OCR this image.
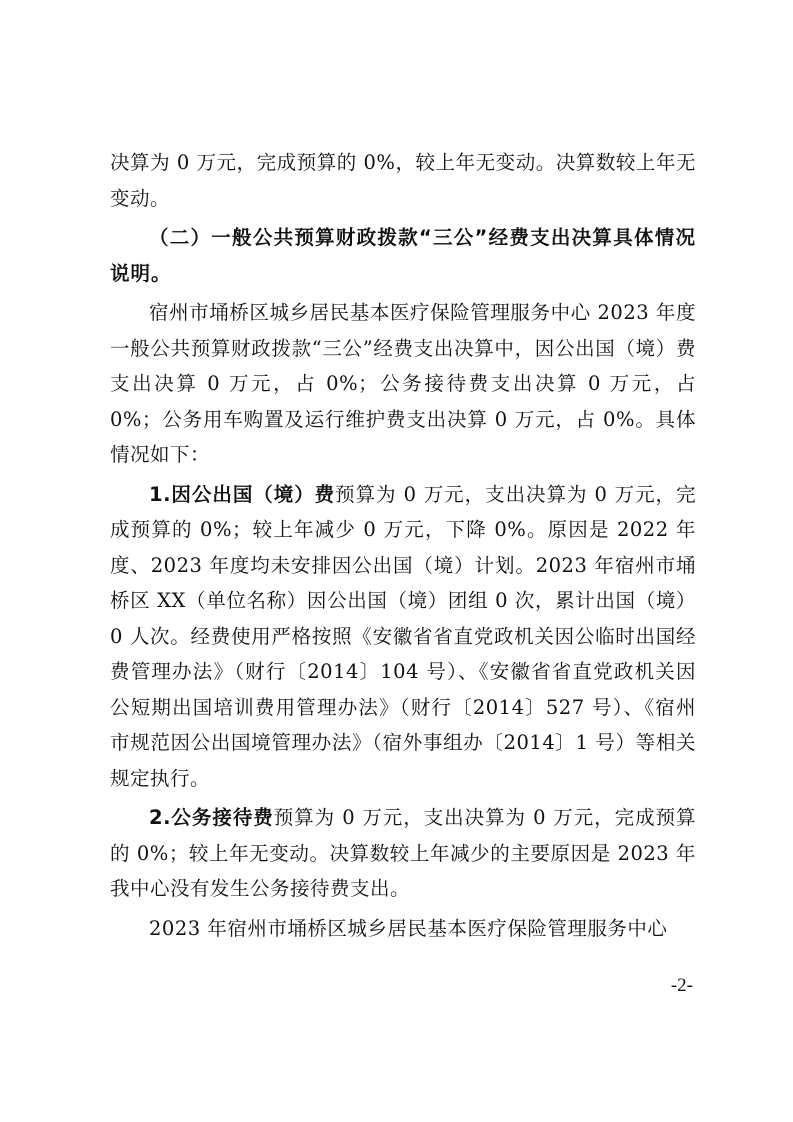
决算为 0 万元，完成预算的 0%，较上年无变动。决算数较上年无变动。

（二）一般公共预算财政拨款“三公”经费支出决算具体情况说明。

宿州市埇桥区城乡居民基本医疗保险管理服务中心 2023 年度一般公共预算财政拨款“三公”经费支出决算中，因公出国（境）费支出决算 0 万元，占 0%；公务接待费支出决算 0 万元，占 0%；公务用车购置及运行维护费支出决算 0 万元，占 0%。具体情况如下：

1.因公出国（境）费预算为 0 万元，支出决算为 0 万元，完成预算的 0%；较上年减少 0 万元，下降 0%。原因是 2022 年度、2023 年度均未安排因公出国（境）计划。2023 年宿州市埇桥区 XX（单位名称）因公出国（境）团组 0 次，累计出国（境）0 人次。经费使用严格按照《安徽省省直党政机关因公临时出国经费管理办法》（财行〔2014〕104 号）、《安徽省省直党政机关因公短期出国培训费用管理办法》（财行〔2014〕527 号）、《宿州市规范因公出国境管理办法》（宿外事组办〔2014〕1 号）等相关规定执行。

2.公务接待费预算为 0 万元，支出决算为 0 万元，完成预算的 0%；较上年无变动。决算数较上年减少的主要原因是 2023 年我中心没有发生公务接待费支出。

2023 年宿州市埇桥区城乡居民基本医疗保险管理服务中心

-2-
